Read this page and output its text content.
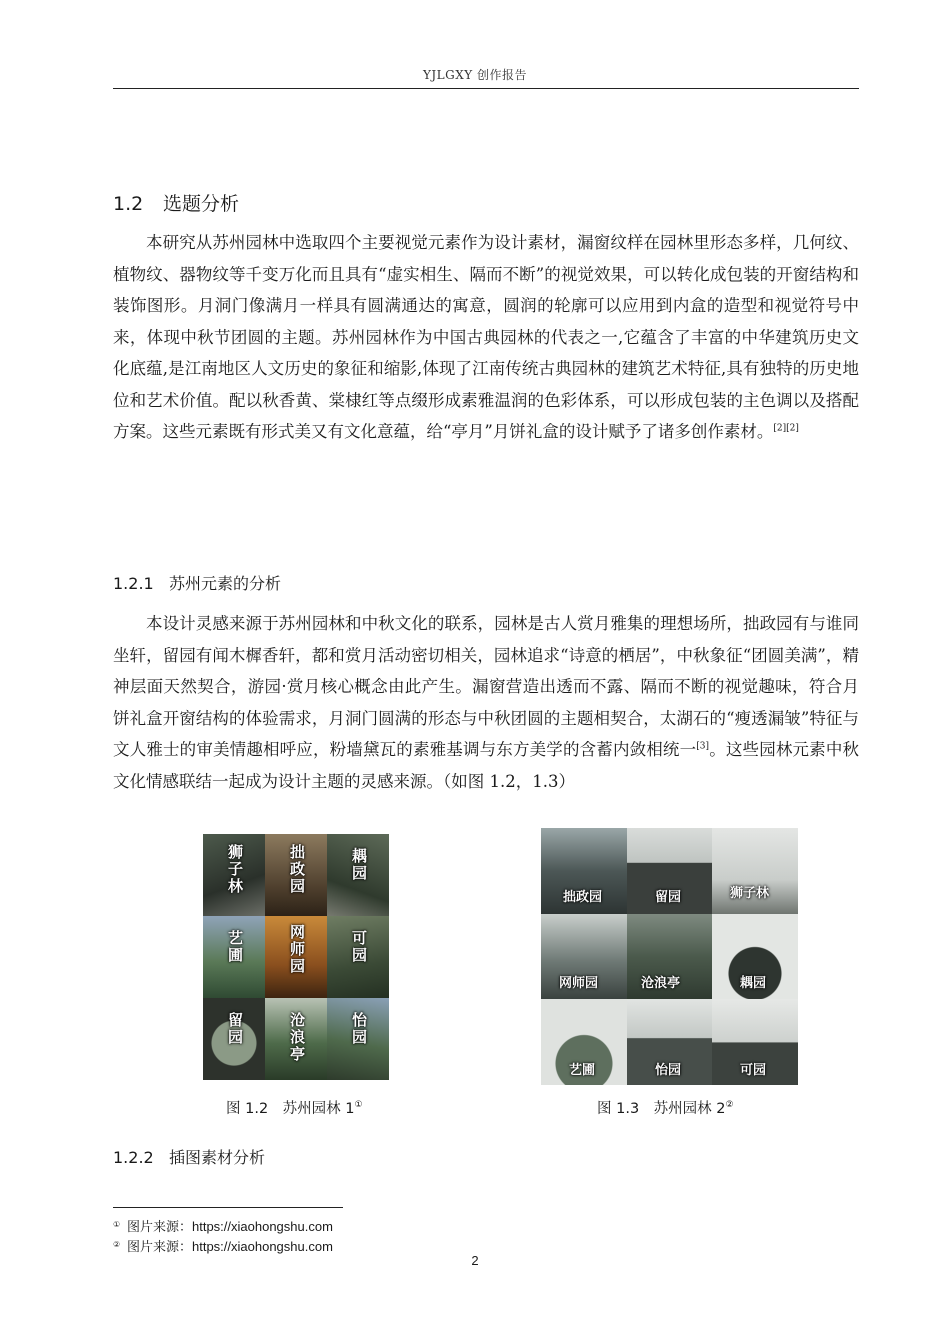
YJLGXY 创作报告
1.2 选题分析

本研究从苏州园林中选取四个主要视觉元素作为设计素材，漏窗纹样在园林里形态多样，几何纹、植物纹、器物纹等千变万化而且具有“虚实相生、隔而不断”的视觉效果，可以转化成包装的开窗结构和装饰图形。月洞门像满月一样具有圆满通达的寓意，圆润的轮廓可以应用到内盒的造型和视觉符号中来，体现中秋节团圆的主题。苏州园林作为中国古典园林的代表之一,它蕴含了丰富的中华建筑历史文化底蕴,是江南地区人文历史的象征和缩影,体现了江南传统古典园林的建筑艺术特征,具有独特的历史地位和艺术价值。配以秋香黄、棠棣红等点缀形成素雅温润的色彩体系，可以形成包装的主色调以及搭配方案。这些元素既有形式美又有文化意蕴，给“亭月”月饼礼盒的设计赋予了诸多创作素材。[2][2]

1.2.1 苏州元素的分析

本设计灵感来源于苏州园林和中秋文化的联系，园林是古人赏月雅集的理想场所，拙政园有与谁同坐轩，留园有闻木樨香轩，都和赏月活动密切相关，园林追求“诗意的栖居”，中秋象征“团圆美满”，精神层面天然契合，游园·赏月核心概念由此产生。漏窗营造出透而不露、隔而不断的视觉趣味，符合月饼礼盒开窗结构的体验需求，月洞门圆满的形态与中秋团圆的主题相契合，太湖石的“瘦透漏皱”特征与文人雅士的审美情趣相呼应，粉墙黛瓦的素雅基调与东方美学的含蓄内敛相统一[3]。这些园林元素中秋文化情感联结一起成为设计主题的灵感来源。（如图 1.2，1.3）

狮子林	拙政园	耦园
艺圃	网师园	可园
留园	沧浪亭	怡园
拙政园	留园	狮子林
网师园	沧浪亭	耦园
艺圃	怡园	可园
图 1.2　苏州园林 1①	图 1.3　苏州园林 2②
1.2.2 插图素材分析
① 图片来源：https://xiaohongshu.com
② 图片来源：https://xiaohongshu.com
2
